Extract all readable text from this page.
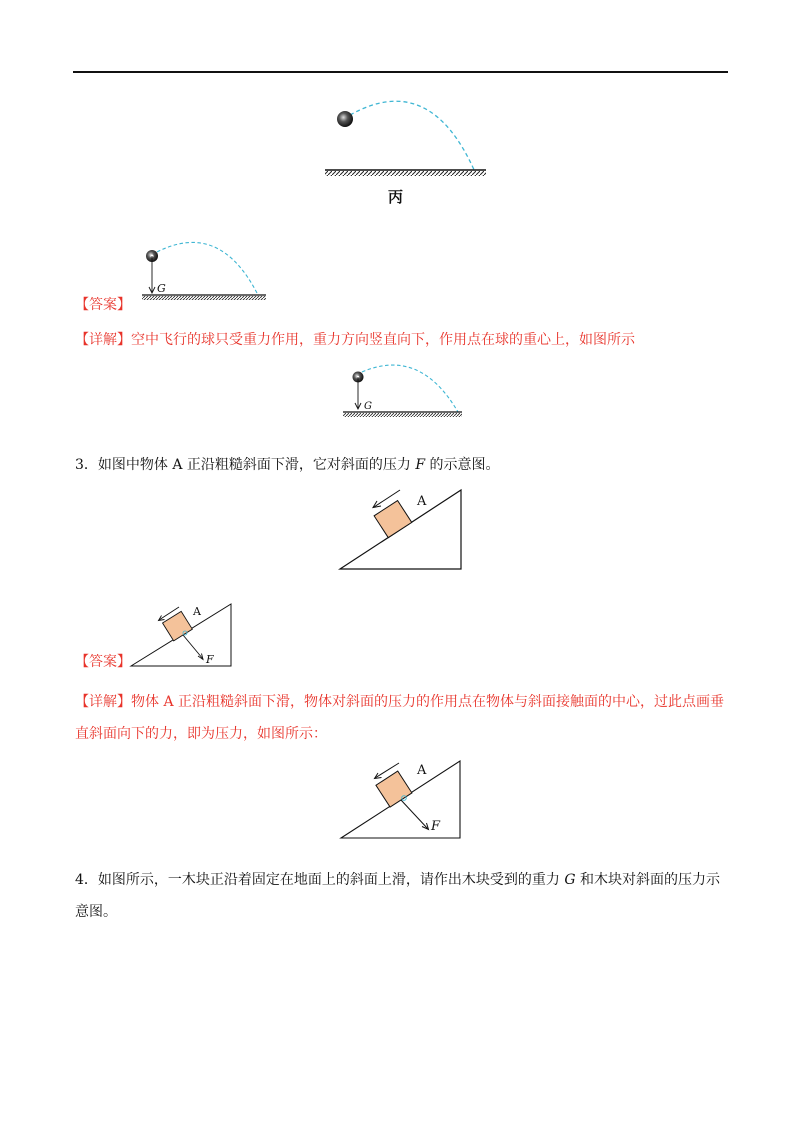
丙
G
【答案】
【详解】空中飞行的球只受重力作用，重力方向竖直向下，作用点在球的重心上，如图所示
G
3．如图中物体 A 正沿粗糙斜面下滑，它对斜面的压力 F 的示意图。
A
A
F
【答案】
【详解】物体 A 正沿粗糙斜面下滑，物体对斜面的压力的作用点在物体与斜面接触面的中心，过此点画垂
直斜面向下的力，即为压力，如图所示：
A
F
4．如图所示，一木块正沿着固定在地面上的斜面上滑，请作出木块受到的重力 G 和木块对斜面的压力示
意图。
